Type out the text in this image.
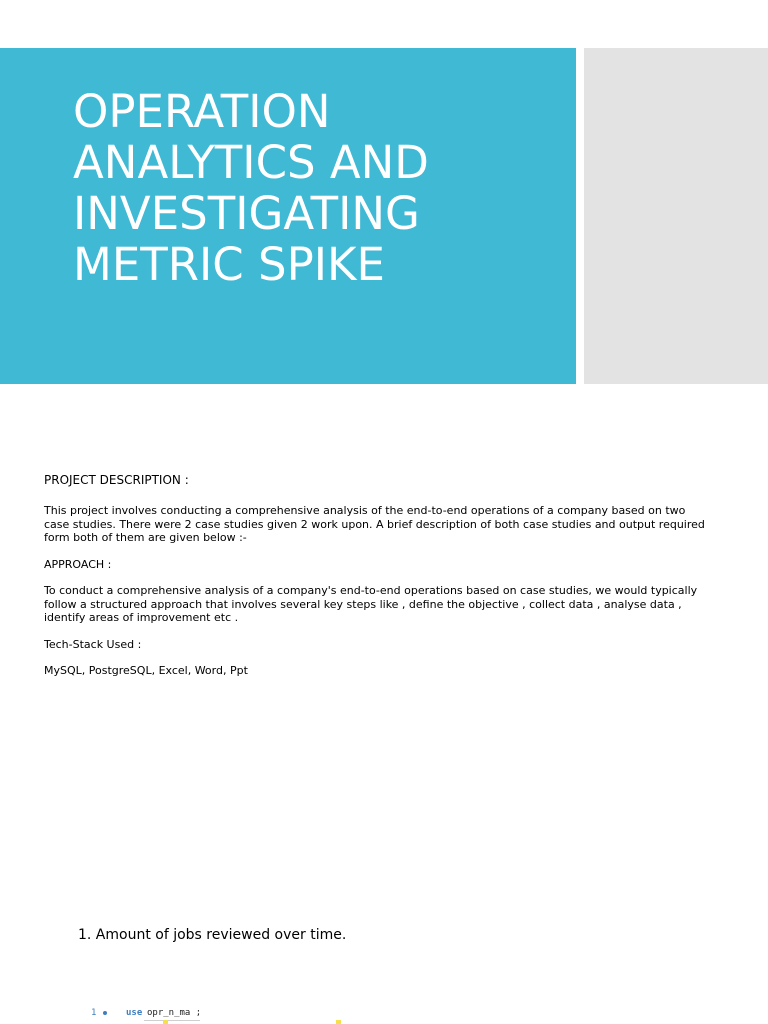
OPERATION
ANALYTICS AND
INVESTIGATING
METRIC SPIKE

PROJECT DESCRIPTION :

This project involves conducting a comprehensive analysis of the end-to-end operations of a company based on two case studies. There were 2 case studies given 2 work upon. A brief description of both case studies and output required form both of them are given below :-

APPROACH :

To conduct a comprehensive analysis of a company's end-to-end operations based on case studies, we would typically follow a structured approach that involves several key steps like , define the objective , collect data , analyse data , identify areas of improvement etc .

Tech-Stack Used :

MySQL, PostgreSQL, Excel, Word, Ppt

1. Amount of jobs reviewed over time.
1	use opr_n_ma ;
